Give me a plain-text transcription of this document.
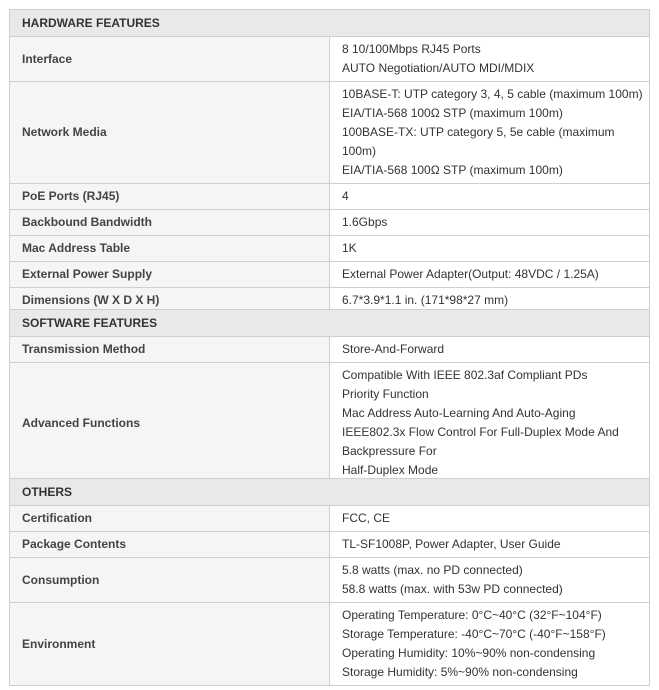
HARDWARE FEATURES	
Interface	8 10/100Mbps RJ45 Ports
AUTO Negotiation/AUTO MDI/MDIX

Network Media	10BASE-T: UTP category 3, 4, 5 cable (maximum 100m)
EIA/TIA-568 100Ω STP (maximum 100m)
100BASE-TX: UTP category 5, 5e cable (maximum 100m)
EIA/TIA-568 100Ω STP (maximum 100m)

PoE Ports (RJ45)	4

Backbound Bandwidth	1.6Gbps

Mac Address Table	1K

External Power Supply	External Power Adapter(Output: 48VDC / 1.25A)

Dimensions (W X D X H)	6.7*3.9*1.1 in. (171*98*27 mm)
SOFTWARE FEATURES	
Transmission Method	Store-And-Forward

Advanced Functions	Compatible With IEEE 802.3af Compliant PDs
Priority Function
Mac Address Auto-Learning And Auto-Aging
IEEE802.3x Flow Control For Full-Duplex Mode And Backpressure For
Half-Duplex Mode
OTHERS	
Certification	FCC, CE

Package Contents	TL-SF1008P, Power Adapter, User Guide

Consumption	5.8 watts (max. no PD connected)
58.8 watts (max. with 53w PD connected)

Environment	Operating Temperature: 0°C~40°C (32°F~104°F)
Storage Temperature: -40°C~70°C (-40°F~158°F)
Operating Humidity: 10%~90% non-condensing
Storage Humidity: 5%~90% non-condensing
